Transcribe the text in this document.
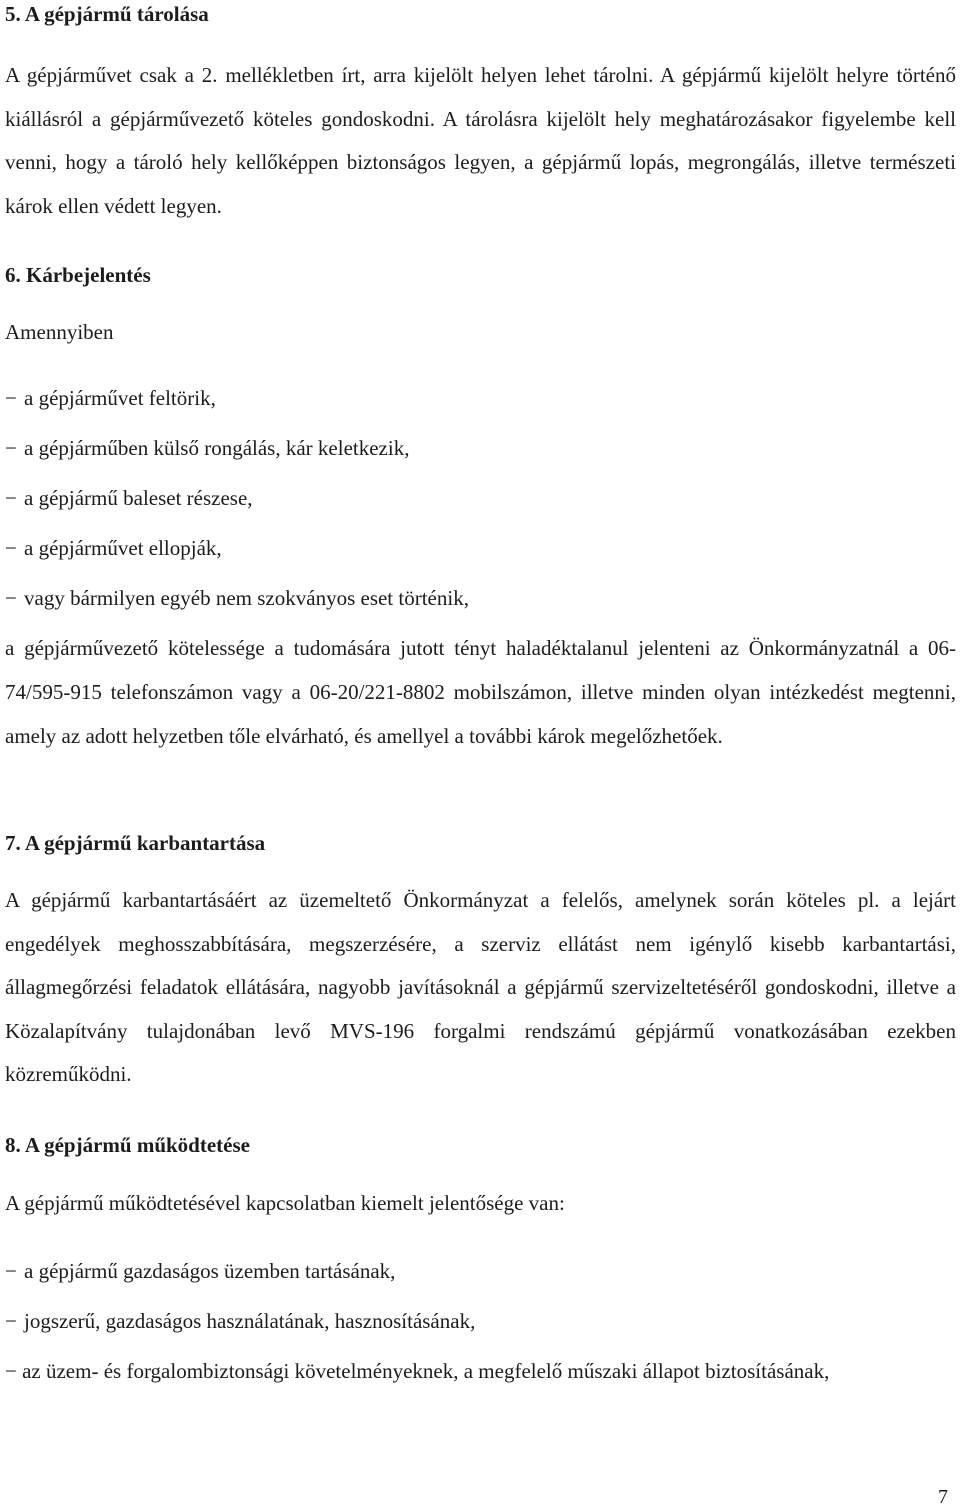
5. A gépjármű tárolása
A gépjárművet csak a 2. mellékletben írt, arra kijelölt helyen lehet tárolni. A gépjármű kijelölt helyre történő kiállásról a gépjárművezető köteles gondoskodni. A tárolásra kijelölt hely meghatározásakor figyelembe kell venni, hogy a tároló hely kellőképpen biztonságos legyen, a gépjármű lopás, megrongálás, illetve természeti károk ellen védett legyen.
6. Kárbejelentés
Amennyiben
− a gépjárművet feltörik,
− a gépjárműben külső rongálás, kár keletkezik,
− a gépjármű baleset részese,
− a gépjárművet ellopják,
− vagy bármilyen egyéb nem szokványos eset történik,
a gépjárművezető kötelessége a tudomására jutott tényt haladéktalanul jelenteni az Önkormányzatnál a 06-74/595-915 telefonszámon vagy a 06-20/221-8802 mobilszámon, illetve minden olyan intézkedést megtenni, amely az adott helyzetben tőle elvárható, és amellyel a további károk megelőzhetőek.
7. A gépjármű karbantartása
A gépjármű karbantartásáért az üzemeltető Önkormányzat a felelős, amelynek során köteles pl. a lejárt engedélyek meghosszabbítására, megszerzésére, a szerviz ellátást nem igénylő kisebb karbantartási, állagmegőrzési feladatok ellátására, nagyobb javításoknál a gépjármű szervizeltetéséről gondoskodni, illetve a Közalapítvány tulajdonában levő MVS-196 forgalmi rendszámú gépjármű vonatkozásában ezekben közreműködni.
8. A gépjármű működtetése
A gépjármű működtetésével kapcsolatban kiemelt jelentősége van:
− a gépjármű gazdaságos üzemben tartásának,
− jogszerű, gazdaságos használatának, hasznosításának,
− az üzem- és forgalombiztonsági követelményeknek, a megfelelő műszaki állapot biztosításának,
7
